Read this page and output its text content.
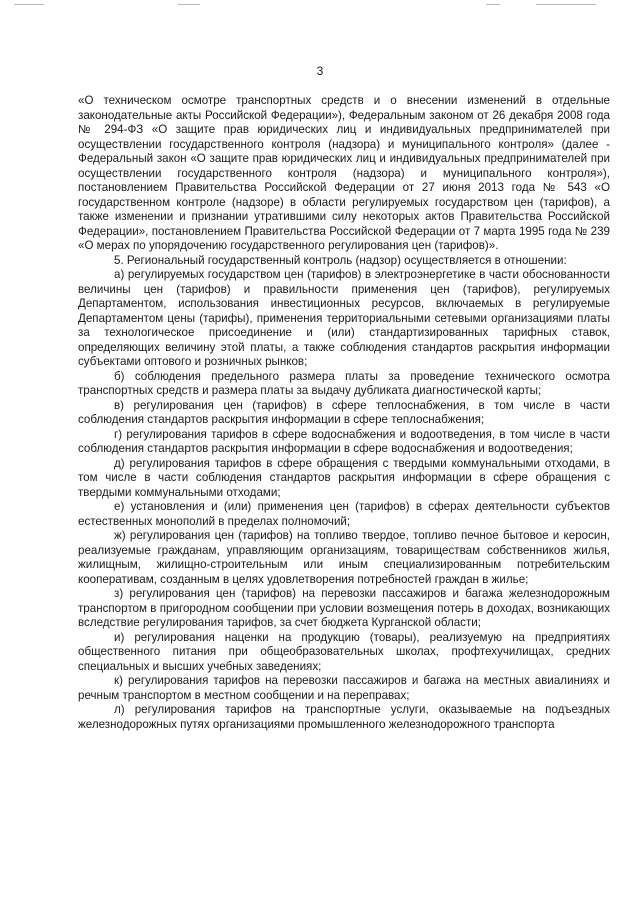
3

«О техническом осмотре транспортных средств и о внесении изменений в отдельные законодательные акты Российской Федерации»), Федеральным законом от 26 декабря 2008 года № 294-ФЗ «О защите прав юридических лиц и индивидуальных предпринимателей при осуществлении государственного контроля (надзора) и муниципального контроля» (далее - Федеральный закон «О защите прав юридических лиц и индивидуальных предпринимателей при осуществлении государственного контроля (надзора) и муниципального контроля»), постановлением Правительства Российской Федерации от 27 июня 2013 года № 543 «О государственном контроле (надзоре) в области регулируемых государством цен (тарифов), а также изменении и признании утратившими силу некоторых актов Правительства Российской Федерации», постановлением Правительства Российской Федерации от 7 марта 1995 года № 239 «О мерах по упорядочению государственного регулирования цен (тарифов)».

5. Региональный государственный контроль (надзор) осуществляется в отношении:

а) регулируемых государством цен (тарифов) в электроэнергетике в части обоснованности величины цен (тарифов) и правильности применения цен (тарифов), регулируемых Департаментом, использования инвестиционных ресурсов, включаемых в регулируемые Департаментом цены (тарифы), применения территориальными сетевыми организациями платы за технологическое присоединение и (или) стандартизированных тарифных ставок, определяющих величину этой платы, а также соблюдения стандартов раскрытия информации субъектами оптового и розничных рынков;

б) соблюдения предельного размера платы за проведение технического осмотра транспортных средств и размера платы за выдачу дубликата диагностической карты;

в) регулирования цен (тарифов) в сфере теплоснабжения, в том числе в части соблюдения стандартов раскрытия информации в сфере теплоснабжения;

г) регулирования тарифов в сфере водоснабжения и водоотведения, в том числе в части соблюдения стандартов раскрытия информации в сфере водоснабжения и водоотведения;

д) регулирования тарифов в сфере обращения с твердыми коммунальными отходами, в том числе в части соблюдения стандартов раскрытия информации в сфере обращения с твердыми коммунальными отходами;

е) установления и (или) применения цен (тарифов) в сферах деятельности субъектов естественных монополий в пределах полномочий;

ж) регулирования цен (тарифов) на топливо твердое, топливо печное бытовое и керосин, реализуемые гражданам, управляющим организациям, товариществам собственников жилья, жилищным, жилищно-строительным или иным специализированным потребительским кооперативам, созданным в целях удовлетворения потребностей граждан в жилье;

з) регулирования цен (тарифов) на перевозки пассажиров и багажа железнодорожным транспортом в пригородном сообщении при условии возмещения потерь в доходах, возникающих вследствие регулирования тарифов, за счет бюджета Курганской области;

и) регулирования наценки на продукцию (товары), реализуемую на предприятиях общественного питания при общеобразовательных школах, профтехучилищах, средних специальных и высших учебных заведениях;

к) регулирования тарифов на перевозки пассажиров и багажа на местных авиалиниях и речным транспортом в местном сообщении и на переправах;

л) регулирования тарифов на транспортные услуги, оказываемые на подъездных железнодорожных путях организациями промышленного железнодорожного транспорта
